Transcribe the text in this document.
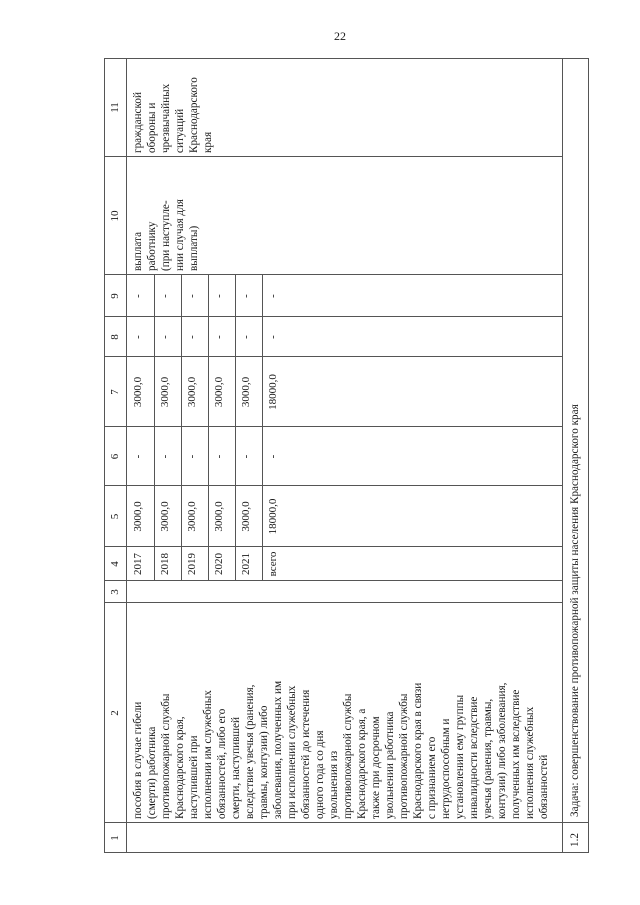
22
1
2
3
4
5
6
7
8
9
10
11
пособия в случае гибели (смерти) работника противопожарной службы Краснодарского края, наступившей при исполнении им служебных обязанностей, либо его смерти, наступившей вследствие увечья (ранения, травмы, контузии) либо заболевания, полученных им при исполнении служебных обязанностей до истечения одного года со дня увольнения из противопожарной службы Краснодарского края, а также при досрочном увольнении работника противопожарной службы Краснодарского края в связи с признанием его нетрудоспособным и установлении ему группы инвалидности вследствие увечья (ранения, травмы, контузии) либо заболевания, полученных им вследствие исполнения служебных обязанностей
2017
3000,0
-
3000,0
-
-
2018
3000,0
-
3000,0
-
-
2019
3000,0
-
3000,0
-
-
2020
3000,0
-
3000,0
-
-
2021
3000,0
-
3000,0
-
-
всего
18000,0
-
18000,0
-
-
выплата работнику (при наступле- нии случая для выплаты)
гражданской обороны и чрезвычайных ситуаций Краснодарского края
1.2
Задача: совершенствование противопожарной защиты населения Краснодарского края
